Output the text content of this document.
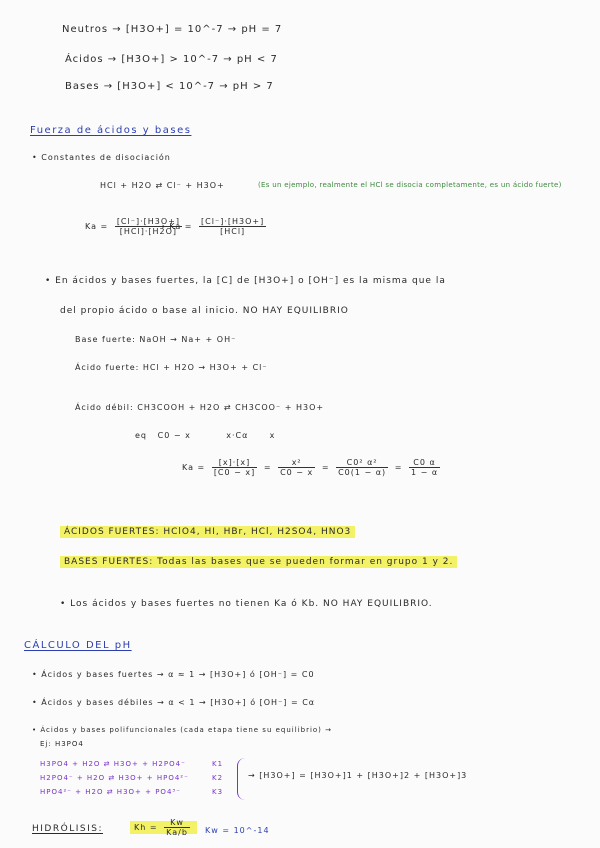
Neutros → [H3O+] = 10^-7 → pH = 7
Ácidos → [H3O+] > 10^-7 → pH < 7
Bases → [H3O+] < 10^-7 → pH > 7
Fuerza de ácidos y bases
• Constantes de disociación
HCl + H2O ⇄ Cl⁻ + H3O+	(Es un ejemplo, realmente el HCl se disocia completamente, es un ácido fuerte)
$Ka = \frac{[Cl^-]\cdot[H3O+]}{\text{[HCl]·[H2O]}}$
→ $Ka = \frac{[Cl^-]\cdot[H3O+]}{\text{[HCl]}}$
• En ácidos y bases fuertes, la [C] de [H3O+] o [OH⁻] es la misma que la
del propio ácido o base al inicio. NO HAY EQUILIBRIO
Base fuerte: NaOH → Na+ + OH⁻
Ácido fuerte: HCl + H2O → H3O+ + Cl⁻
Ácido débil: CH3COOH + H2O ⇄ CH3COO⁻ + H3O+
eq   C0 − x          x·Cα      x
$Ka = \frac{[x]\cdot[x]}{[C0 - x]} = \frac{\text{x²}}{C0 - x} = \frac{\text{C0² α²}}{C0(1 - \alpha)} = \frac{C0 \alpha}{1 - \alpha}$
ÁCIDOS FUERTES: HClO4, HI, HBr, HCl, H2SO4, HNO3
BASES FUERTES: Todas las bases que se pueden formar en grupo 1 y 2.
• Los ácidos y bases fuertes no tienen Ka ó Kb. NO HAY EQUILIBRIO.
CÁLCULO DEL pH
• Ácidos y bases fuertes → α ≈ 1 → [H3O+] ó [OH⁻] = C0
• Ácidos y bases débiles → α < 1 → [H3O+] ó [OH⁻] = Cα
• Ácidos y bases polifuncionales (cada etapa tiene su equilibrio) →
Ej: H3PO4
H3PO4 + H2O ⇄ H3O+ + H2PO4⁻
H2PO4⁻ + H2O ⇄ H3O+ + HPO4²⁻
HPO4²⁻ + H2O ⇄ H3O+ + PO4³⁻
K1
K2
K3
→ [H3O+] = [H3O+]1 + [H3O+]2 + [H3O+]3
HIDRÓLISIS:	$Kh = \frac{Kw}{Ka/b}$ Kw = 10^-14
